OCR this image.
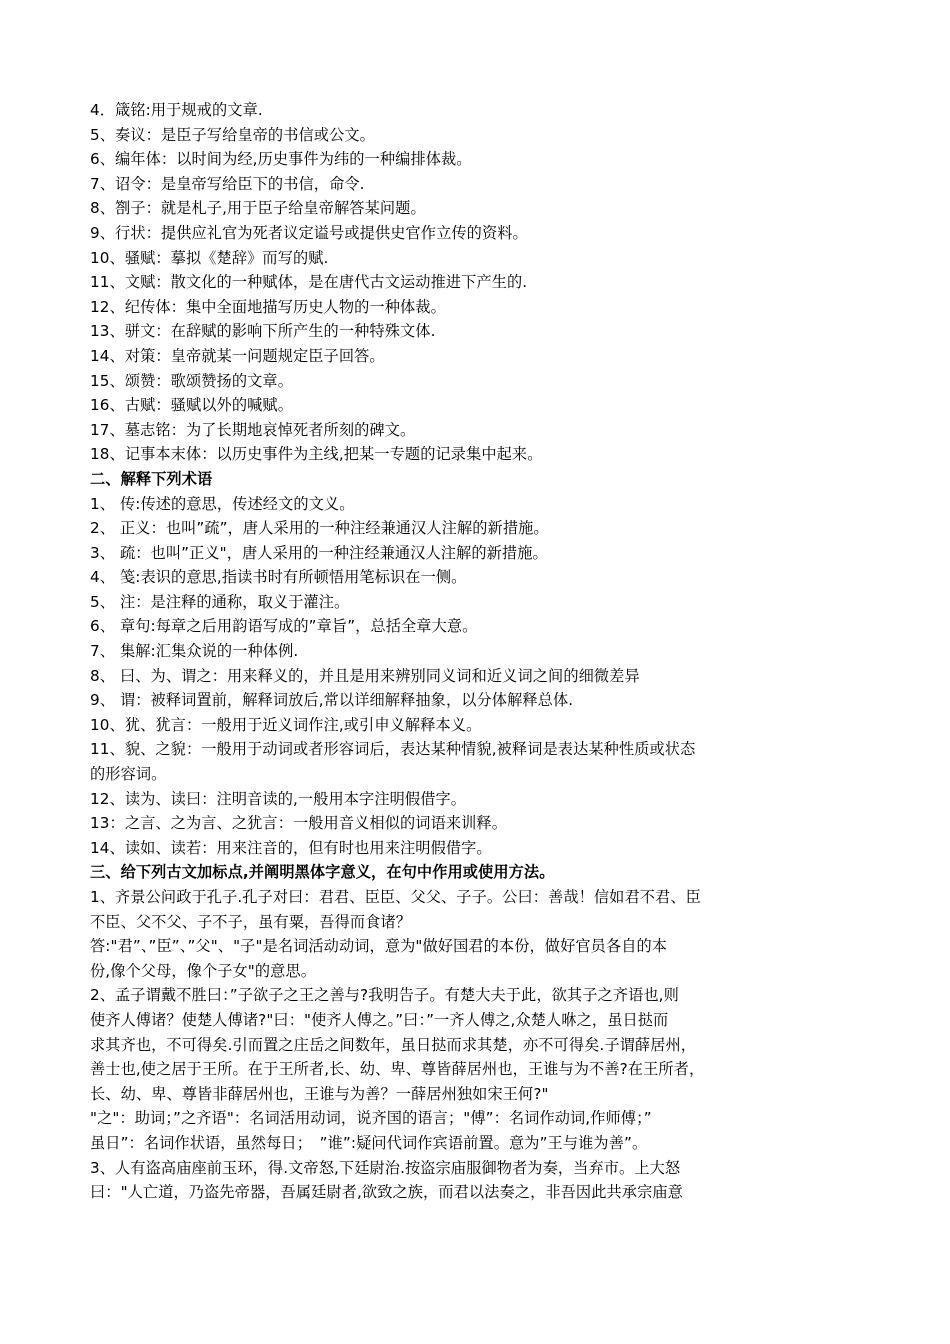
4．箴铭:用于规戒的文章.
5、奏议：是臣子写给皇帝的书信或公文。
6、编年体：以时间为经,历史事件为纬的一种编排体裁。
7、诏令：是皇帝写给臣下的书信，命令.
8、劄子：就是札子,用于臣子给皇帝解答某问题。
9、行状：提供应礼官为死者议定谥号或提供史官作立传的资料。
10、骚赋：摹拟《楚辞》而写的赋.
11、文赋：散文化的一种赋体，是在唐代古文运动推进下产生的.
12、纪传体：集中全面地描写历史人物的一种体裁。
13、骈文：在辞赋的影响下所产生的一种特殊文体.
14、对策：皇帝就某一问题规定臣子回答。
15、颂赞：歌颂赞扬的文章。
16、古赋：骚赋以外的喊赋。
17、墓志铭：为了长期地哀悼死者所刻的碑文。
18、记事本末体：以历史事件为主线,把某一专题的记录集中起来。
二、解释下列术语
1、 传:传述的意思，传述经文的文义。
2、 正义：也叫”疏”，唐人采用的一种注经兼通汉人注解的新措施。
3、 疏：也叫”正义"，唐人采用的一种注经兼通汉人注解的新措施。
4、 笺:表识的意思,指读书时有所顿悟用笔标识在一侧。
5、 注：是注释的通称，取义于灌注。
6、 章句:每章之后用韵语写成的”章旨”，总括全章大意。
7、 集解:汇集众说的一种体例.
8、 曰、为、谓之：用来释义的，并且是用来辨别同义词和近义词之间的细微差异
9、 谓：被释词置前，解释词放后,常以详细解释抽象，以分体解释总体.
10、犹、犹言：一般用于近义词作注,或引申义解释本义。
11、貌、之貌：一般用于动词或者形容词后，表达某种情貌,被释词是表达某种性质或状态
的形容词。
12、读为、读曰：注明音读的,一般用本字注明假借字。
13：之言、之为言、之犹言：一般用音义相似的词语来训释。
14、读如、读若：用来注音的，但有时也用来注明假借字。
三、给下列古文加标点,并阐明黑体字意义，在句中作用或使用方法。
1、齐景公问政于孔子.孔子对曰：君君、臣臣、父父、子子。公曰：善哉！信如君不君、臣
不臣、父不父、子不子，虽有粟，吾得而食诸？
答:"君”、”臣”、”父"、"子"是名词活动动词，意为"做好国君的本份，做好官员各自的本
份,像个父母，像个子女"的意思。
2、孟子谓戴不胜曰：”子欲子之王之善与?我明告子。有楚大夫于此，欲其子之齐语也,则
使齐人傅诸？使楚人傅诸?"曰："使齐人傅之。”曰：”一齐人傅之,众楚人咻之，虽日挞而
求其齐也，不可得矣.引而置之庄岳之间数年，虽日挞而求其楚，亦不可得矣.子谓薛居州，
善士也,使之居于王所。在于王所者,长、幼、卑、尊皆薛居州也，王谁与为不善?在王所者，
长、幼、卑、尊皆非薛居州也，王谁与为善？一薛居州独如宋王何?"
"之"：助词；”之齐语"：名词活用动词，说齐国的语言；"傅”：名词作动词,作师傅；”
虽日”：名词作状语，虽然每日；　”谁”:疑问代词作宾语前置。意为”王与谁为善”。
3、人有盗高庙座前玉环，得.文帝怒,下廷尉治.按盗宗庙服御物者为奏，当弃市。上大怒
曰："人亡道，乃盗先帝器，吾属廷尉者,欲致之族，而君以法奏之，非吾因此共承宗庙意
